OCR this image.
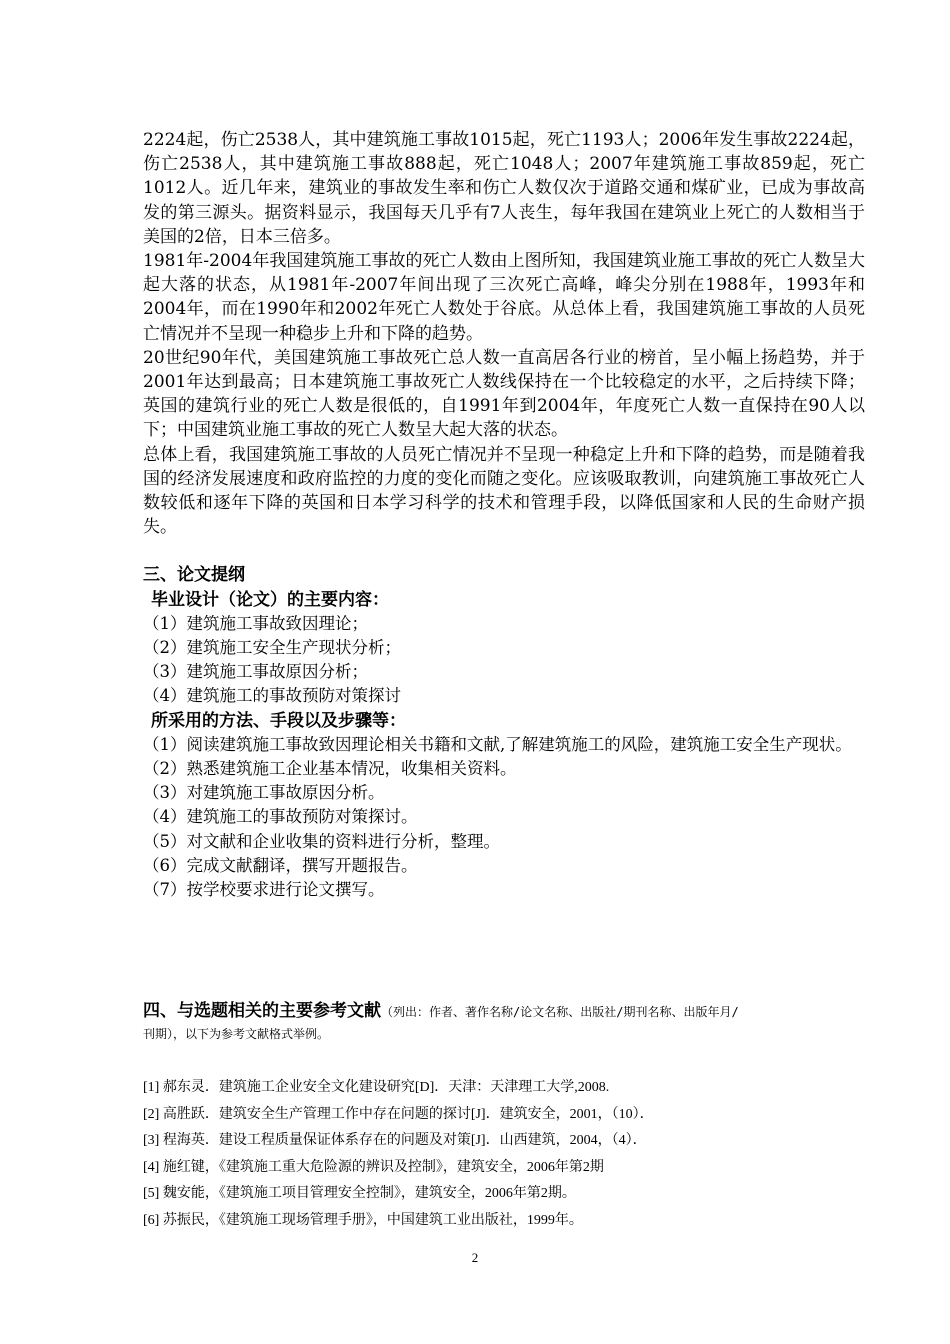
2224起，伤亡2538人，其中建筑施工事故1015起，死亡1193人；2006年发生事故2224起，伤亡2538人，其中建筑施工事故888起，死亡1048人；2007年建筑施工事故859起，死亡1012人。近几年来，建筑业的事故发生率和伤亡人数仅次于道路交通和煤矿业，已成为事故高发的第三源头。据资料显示，我国每天几乎有7人丧生，每年我国在建筑业上死亡的人数相当于美国的2倍，日本三倍多。

1981年-2004年我国建筑施工事故的死亡人数由上图所知，我国建筑业施工事故的死亡人数呈大起大落的状态，从1981年-2007年间出现了三次死亡高峰，峰尖分别在1988年，1993年和2004年，而在1990年和2002年死亡人数处于谷底。从总体上看，我国建筑施工事故的人员死亡情况并不呈现一种稳步上升和下降的趋势。

20世纪90年代，美国建筑施工事故死亡总人数一直高居各行业的榜首，呈小幅上扬趋势，并于2001年达到最高；日本建筑施工事故死亡人数线保持在一个比较稳定的水平，之后持续下降；英国的建筑行业的死亡人数是很低的，自1991年到2004年，年度死亡人数一直保持在90人以下；中国建筑业施工事故的死亡人数呈大起大落的状态。

总体上看，我国建筑施工事故的人员死亡情况并不呈现一种稳定上升和下降的趋势，而是随着我国的经济发展速度和政府监控的力度的变化而随之变化。应该吸取教训，向建筑施工事故死亡人数较低和逐年下降的英国和日本学习科学的技术和管理手段，以降低国家和人民的生命财产损失。

三、论文提纲

毕业设计（论文）的主要内容：

（1）建筑施工事故致因理论；

（2）建筑施工安全生产现状分析；

（3）建筑施工事故原因分析；

（4）建筑施工的事故预防对策探讨

所采用的方法、手段以及步骤等：

（1）阅读建筑施工事故致因理论相关书籍和文献,了解建筑施工的风险，建筑施工安全生产现状。

（2）熟悉建筑施工企业基本情况，收集相关资料。

（3）对建筑施工事故原因分析。

（4）建筑施工的事故预防对策探讨。

（5）对文献和企业收集的资料进行分析，整理。

（6）完成文献翻译，撰写开题报告。

（7）按学校要求进行论文撰写。

四、与选题相关的主要参考文献（列出：作者、著作名称/论文名称、出版社/期刊名称、出版年月/

刊期），以下为参考文献格式举例。

[1] 郝东灵．建筑施工企业安全文化建设研究[D]．天津：天津理工大学,2008.

[2] 高胜跃．建筑安全生产管理工作中存在问题的探讨[J]．建筑安全，2001，（10）．

[3] 程海英．建设工程质量保证体系存在的问题及对策[J]．山西建筑，2004，（4）．

[4] 施红键，《建筑施工重大危险源的辨识及控制》，建筑安全，2006年第2期

[5] 魏安能，《建筑施工项目管理安全控制》，建筑安全，2006年第2期。

[6] 苏振民，《建筑施工现场管理手册》，中国建筑工业出版社，1999年。

2
